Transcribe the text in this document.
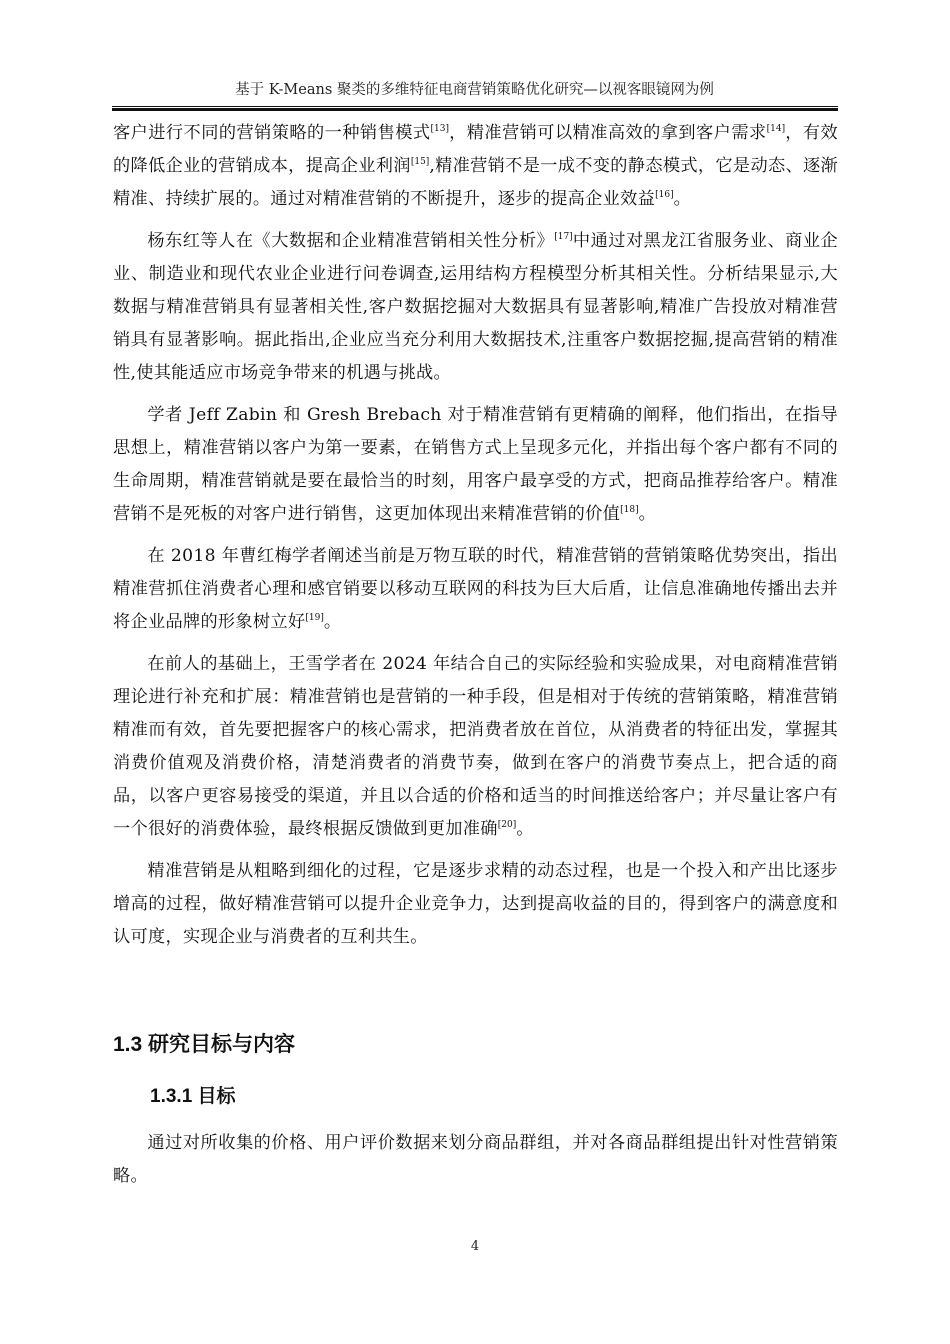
基于 K-Means 聚类的多维特征电商营销策略优化研究—以视客眼镜网为例

客户进行不同的营销策略的一种销售模式[13]，精准营销可以精准高效的拿到客户需求[14]，有效的降低企业的营销成本，提高企业利润[15],精准营销不是一成不变的静态模式，它是动态、逐渐精准、持续扩展的。通过对精准营销的不断提升，逐步的提高企业效益[16]。

杨东红等人在《大数据和企业精准营销相关性分析》[17]中通过对黑龙江省服务业、商业企业、制造业和现代农业企业进行问卷调查,运用结构方程模型分析其相关性。分析结果显示,大数据与精准营销具有显著相关性,客户数据挖掘对大数据具有显著影响,精准广告投放对精准营销具有显著影响。据此指出,企业应当充分利用大数据技术,注重客户数据挖掘,提高营销的精准性,使其能适应市场竞争带来的机遇与挑战。

学者 Jeff Zabin 和 Gresh Brebach 对于精准营销有更精确的阐释，他们指出，在指导思想上，精准营销以客户为第一要素，在销售方式上呈现多元化，并指出每个客户都有不同的生命周期，精准营销就是要在最恰当的时刻，用客户最享受的方式，把商品推荐给客户。精准营销不是死板的对客户进行销售，这更加体现出来精准营销的价值[18]。

在 2018 年曹红梅学者阐述当前是万物互联的时代，精准营销的营销策略优势突出，指出精准营抓住消费者心理和感官销要以移动互联网的科技为巨大后盾，让信息准确地传播出去并将企业品牌的形象树立好[19]。

在前人的基础上，王雪学者在 2024 年结合自己的实际经验和实验成果，对电商精准营销理论进行补充和扩展：精准营销也是营销的一种手段，但是相对于传统的营销策略，精准营销精准而有效，首先要把握客户的核心需求，把消费者放在首位，从消费者的特征出发，掌握其消费价值观及消费价格，清楚消费者的消费节奏，做到在客户的消费节奏点上，把合适的商品，以客户更容易接受的渠道，并且以合适的价格和适当的时间推送给客户；并尽量让客户有一个很好的消费体验，最终根据反馈做到更加准确[20]。

精准营销是从粗略到细化的过程，它是逐步求精的动态过程，也是一个投入和产出比逐步增高的过程，做好精准营销可以提升企业竞争力，达到提高收益的目的，得到客户的满意度和认可度，实现企业与消费者的互利共生。

1.3 研究目标与内容
1.3.1 目标

通过对所收集的价格、用户评价数据来划分商品群组，并对各商品群组提出针对性营销策略。

4
